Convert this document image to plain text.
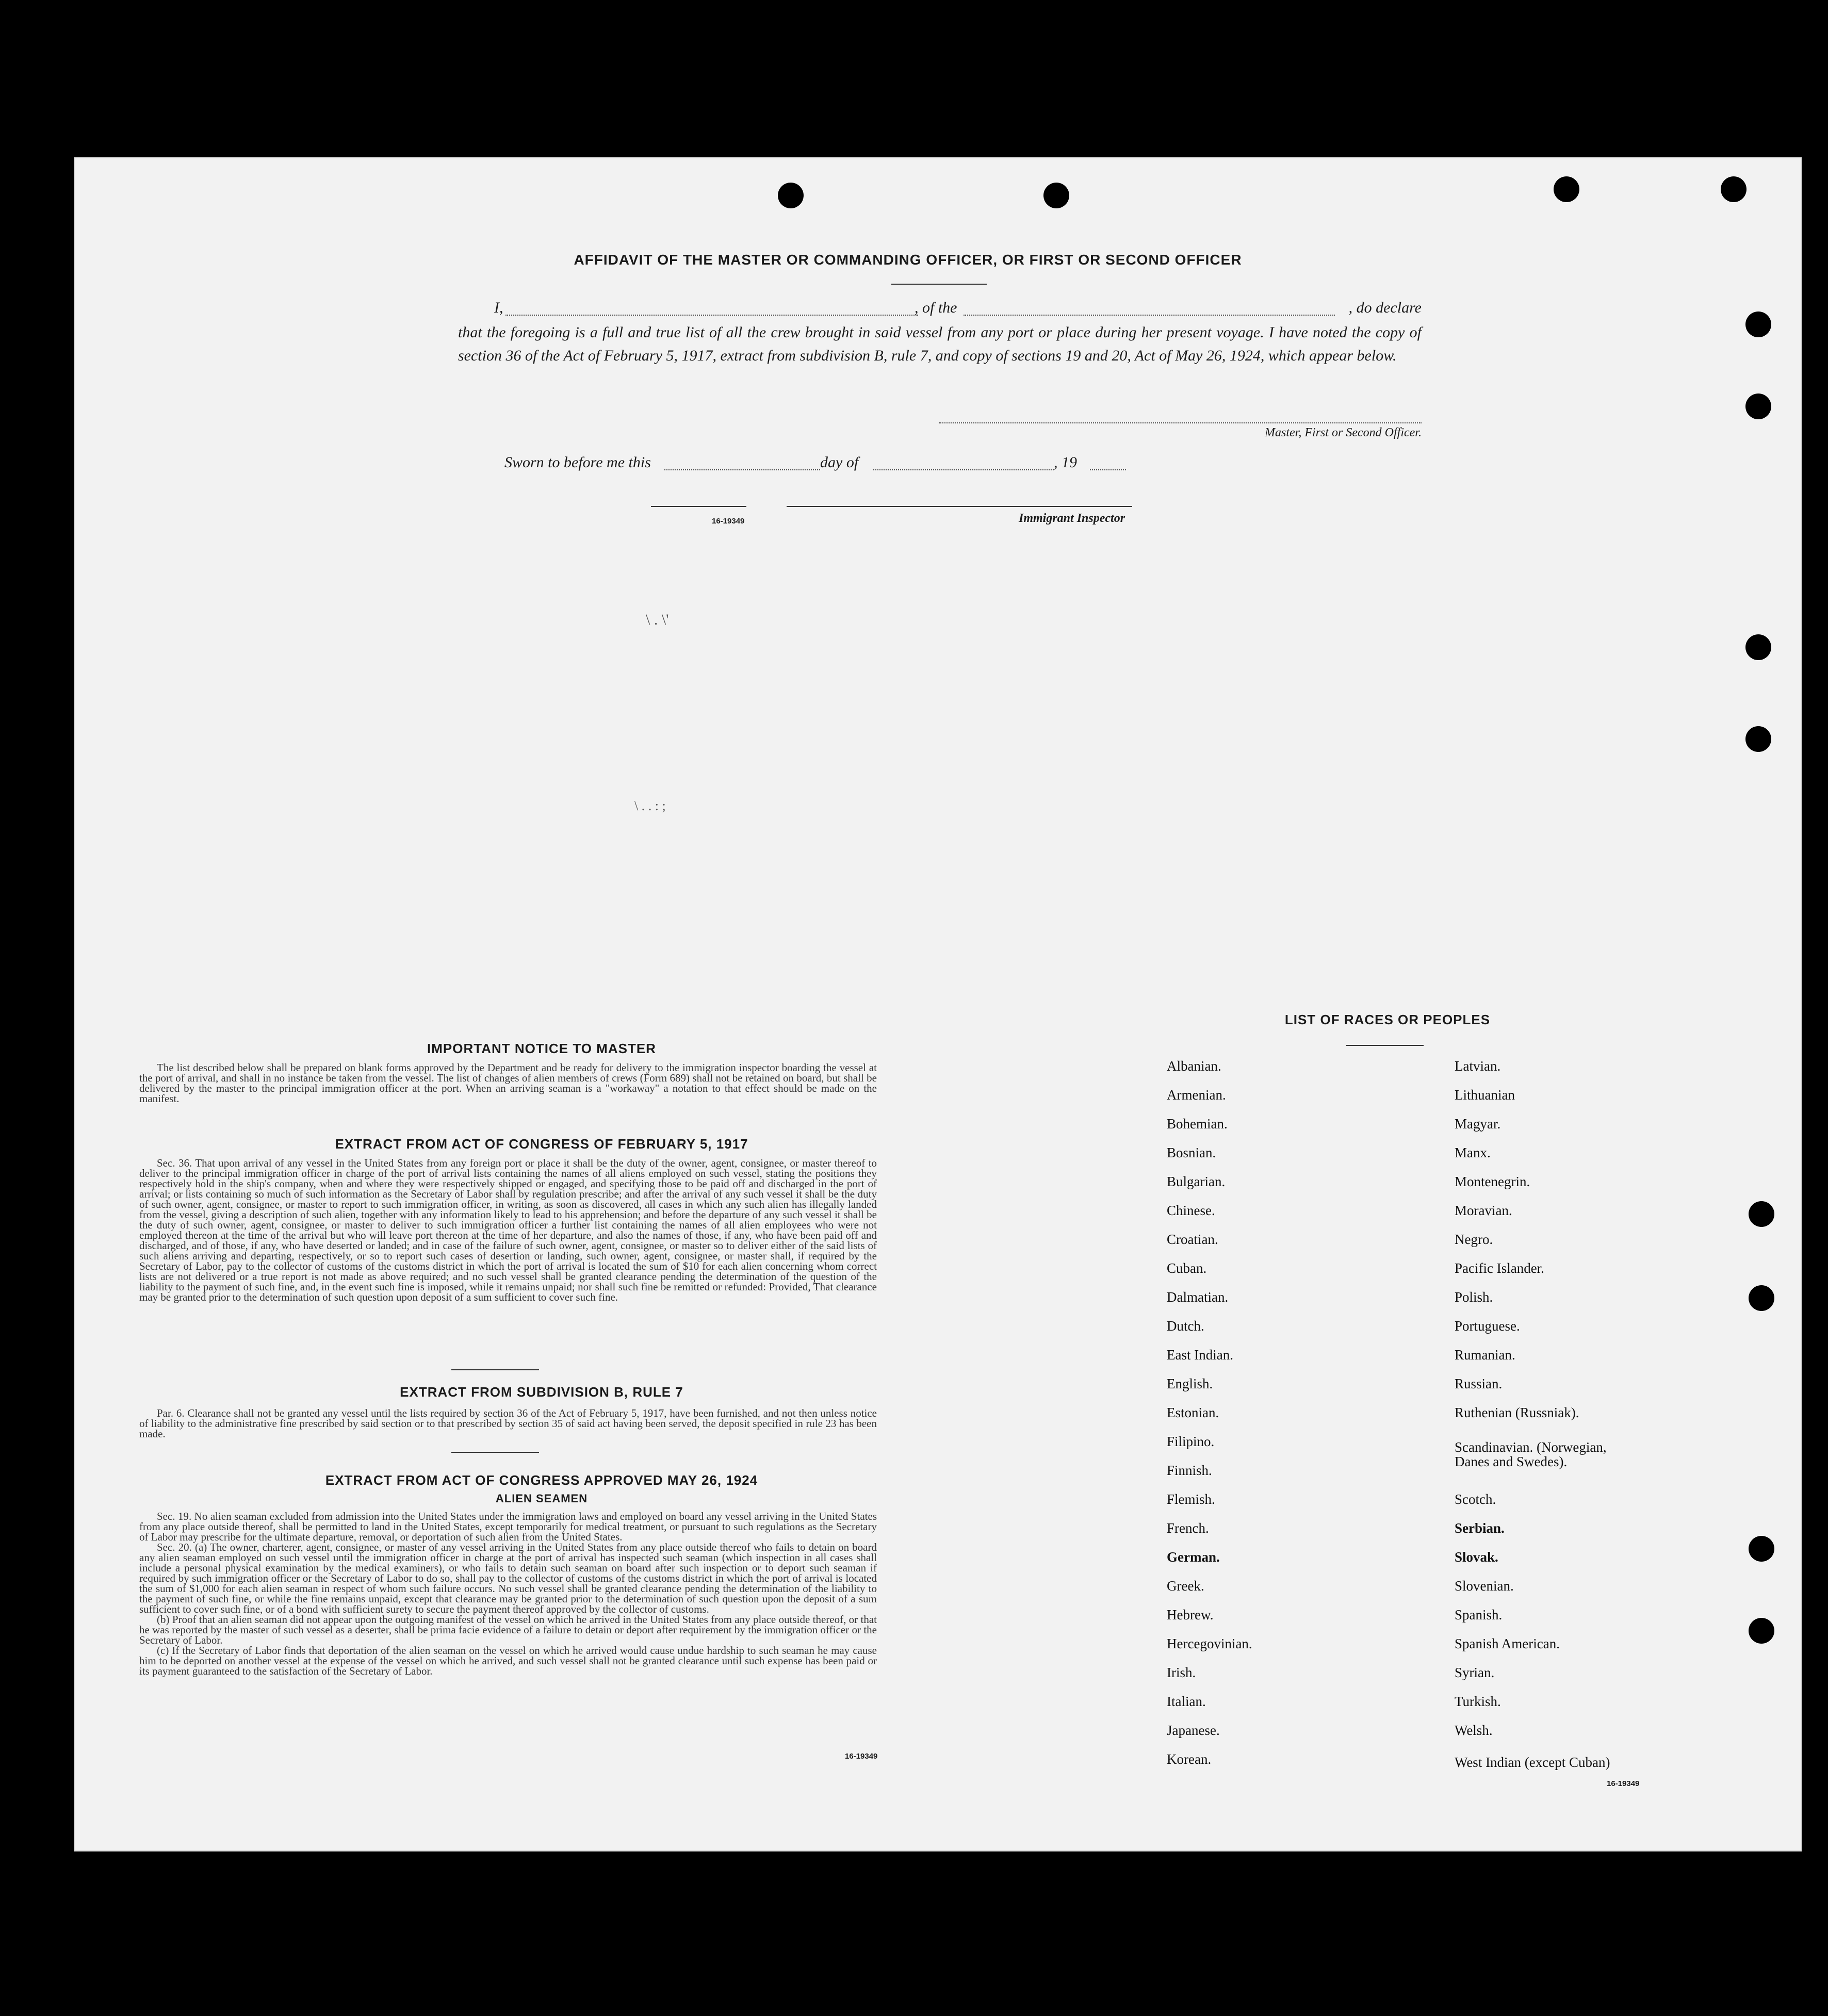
AFFIDAVIT OF THE MASTER OR COMMANDING OFFICER, OR FIRST OR SECOND OFFICER
I,	, of the	, do declare
that the foregoing is a full and true list of all the crew brought in said vessel from any port or place during her present voyage. I have noted the copy of section 36 of the Act of February 5, 1917, extract from subdivision B, rule 7, and copy of sections 19 and 20, Act of May 26, 1924, which appear below.
Master, First or Second Officer.
Sworn to before me this	day of	, 19
16-19349	Immigrant Inspector
\ . \'
\ . . : ;
IMPORTANT NOTICE TO MASTER
The list described below shall be prepared on blank forms approved by the Department and be ready for delivery to the immigration inspector boarding the vessel at the port of arrival, and shall in no instance be taken from the vessel. The list of changes of alien members of crews (Form 689) shall not be retained on board, but shall be delivered by the master to the principal immigration officer at the port. When an arriving seaman is a "workaway" a notation to that effect should be made on the manifest.
EXTRACT FROM ACT OF CONGRESS OF FEBRUARY 5, 1917
Sec. 36. That upon arrival of any vessel in the United States from any foreign port or place it shall be the duty of the owner, agent, consignee, or master thereof to deliver to the principal immigration officer in charge of the port of arrival lists containing the names of all aliens employed on such vessel, stating the positions they respectively hold in the ship's company, when and where they were respectively shipped or engaged, and specifying those to be paid off and discharged in the port of arrival; or lists containing so much of such information as the Secretary of Labor shall by regulation prescribe; and after the arrival of any such vessel it shall be the duty of such owner, agent, consignee, or master to report to such immigration officer, in writing, as soon as discovered, all cases in which any such alien has illegally landed from the vessel, giving a description of such alien, together with any information likely to lead to his apprehension; and before the departure of any such vessel it shall be the duty of such owner, agent, consignee, or master to deliver to such immigration officer a further list containing the names of all alien employees who were not employed thereon at the time of the arrival but who will leave port thereon at the time of her departure, and also the names of those, if any, who have been paid off and discharged, and of those, if any, who have deserted or landed; and in case of the failure of such owner, agent, consignee, or master so to deliver either of the said lists of such aliens arriving and departing, respectively, or so to report such cases of desertion or landing, such owner, agent, consignee, or master shall, if required by the Secretary of Labor, pay to the collector of customs of the customs district in which the port of arrival is located the sum of $10 for each alien concerning whom correct lists are not delivered or a true report is not made as above required; and no such vessel shall be granted clearance pending the determination of the question of the liability to the payment of such fine, and, in the event such fine is imposed, while it remains unpaid; nor shall such fine be remitted or refunded: Provided, That clearance may be granted prior to the determination of such question upon deposit of a sum sufficient to cover such fine.
EXTRACT FROM SUBDIVISION B, RULE 7
Par. 6. Clearance shall not be granted any vessel until the lists required by section 36 of the Act of February 5, 1917, have been furnished, and not then unless notice of liability to the administrative fine prescribed by said section or to that prescribed by section 35 of said act having been served, the deposit specified in rule 23 has been made.
EXTRACT FROM ACT OF CONGRESS APPROVED MAY 26, 1924
ALIEN SEAMEN
Sec. 19. No alien seaman excluded from admission into the United States under the immigration laws and employed on board any vessel arriving in the United States from any place outside thereof, shall be permitted to land in the United States, except temporarily for medical treatment, or pursuant to such regulations as the Secretary of Labor may prescribe for the ultimate departure, removal, or deportation of such alien from the United States.
Sec. 20. (a) The owner, charterer, agent, consignee, or master of any vessel arriving in the United States from any place outside thereof who fails to detain on board any alien seaman employed on such vessel until the immigration officer in charge at the port of arrival has inspected such seaman (which inspection in all cases shall include a personal physical examination by the medical examiners), or who fails to detain such seaman on board after such inspection or to deport such seaman if required by such immigration officer or the Secretary of Labor to do so, shall pay to the collector of customs of the customs district in which the port of arrival is located the sum of $1,000 for each alien seaman in respect of whom such failure occurs. No such vessel shall be granted clearance pending the determination of the liability to the payment of such fine, or while the fine remains unpaid, except that clearance may be granted prior to the determination of such question upon the deposit of a sum sufficient to cover such fine, or of a bond with sufficient surety to secure the payment thereof approved by the collector of customs.
(b) Proof that an alien seaman did not appear upon the outgoing manifest of the vessel on which he arrived in the United States from any place outside thereof, or that he was reported by the master of such vessel as a deserter, shall be prima facie evidence of a failure to detain or deport after requirement by the immigration officer or the Secretary of Labor.
(c) If the Secretary of Labor finds that deportation of the alien seaman on the vessel on which he arrived would cause undue hardship to such seaman he may cause him to be deported on another vessel at the expense of the vessel on which he arrived, and such vessel shall not be granted clearance until such expense has been paid or its payment guaranteed to the satisfaction of the Secretary of Labor.
16-19349
LIST OF RACES OR PEOPLES
Albanian.
Armenian.
Bohemian.
Bosnian.
Bulgarian.
Chinese.
Croatian.
Cuban.
Dalmatian.
Dutch.
East Indian.
English.
Estonian.
Filipino.
Finnish.
Flemish.
French.
German.
Greek.
Hebrew.
Hercegovinian.
Irish.
Italian.
Japanese.
Korean.
Latvian.
Lithuanian
Magyar.
Manx.
Montenegrin.
Moravian.
Negro.
Pacific Islander.
Polish.
Portuguese.
Rumanian.
Russian.
Ruthenian (Russniak).
Scandinavian. (Norwegian, Danes and Swedes).
Scotch.
Serbian.
Slovak.
Slovenian.
Spanish.
Spanish American.
Syrian.
Turkish.
Welsh.
West Indian (except Cuban)
16-19349
